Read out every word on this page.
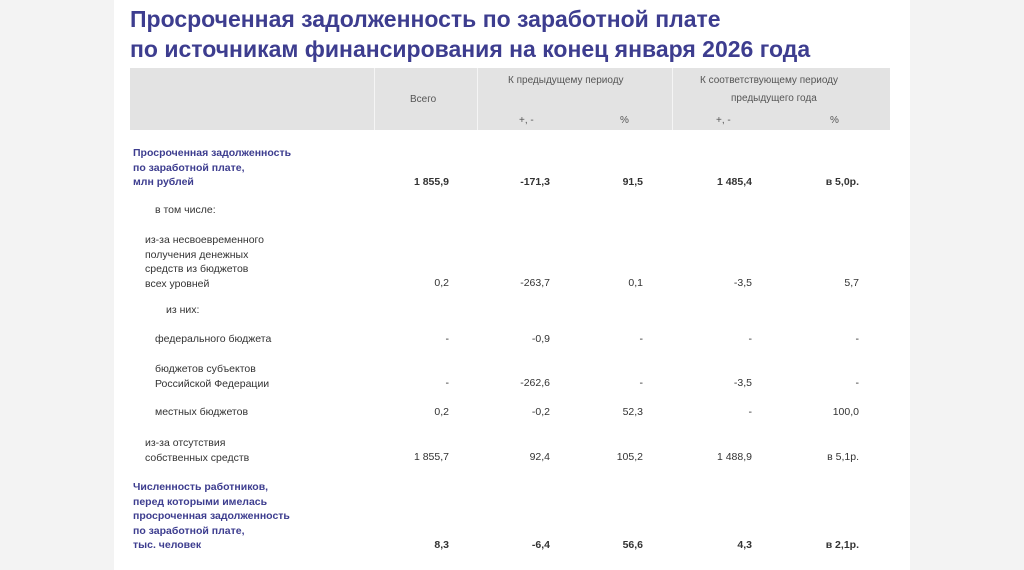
Просроченная задолженность по заработной плате
по источникам финансирования на конец января 2026 года
Всего
К предыдущему периоду	К соответствующему периоду
предыдущего года
+, -	%	+, -	%
Просроченная задолженность
по заработной плате,
млн рублей	1 855,9	-171,3	91,5	1 485,4	в 5,0р.
в том числе:
из-за несвоевременного
получения денежных
средств из бюджетов
всех уровней	0,2	-263,7	0,1	-3,5	5,7
из них:
федерального бюджета	-	-0,9	-	-	-
бюджетов субъектов
Российской Федерации	-	-262,6	-	-3,5	-
местных бюджетов	0,2	-0,2	52,3	-	100,0
из-за отсутствия
собственных средств	1 855,7	92,4	105,2	1 488,9	в 5,1р.
Численность работников,
перед которыми имелась
просроченная задолженность
по заработной плате,
тыс. человек	8,3	-6,4	56,6	4,3	в 2,1р.
